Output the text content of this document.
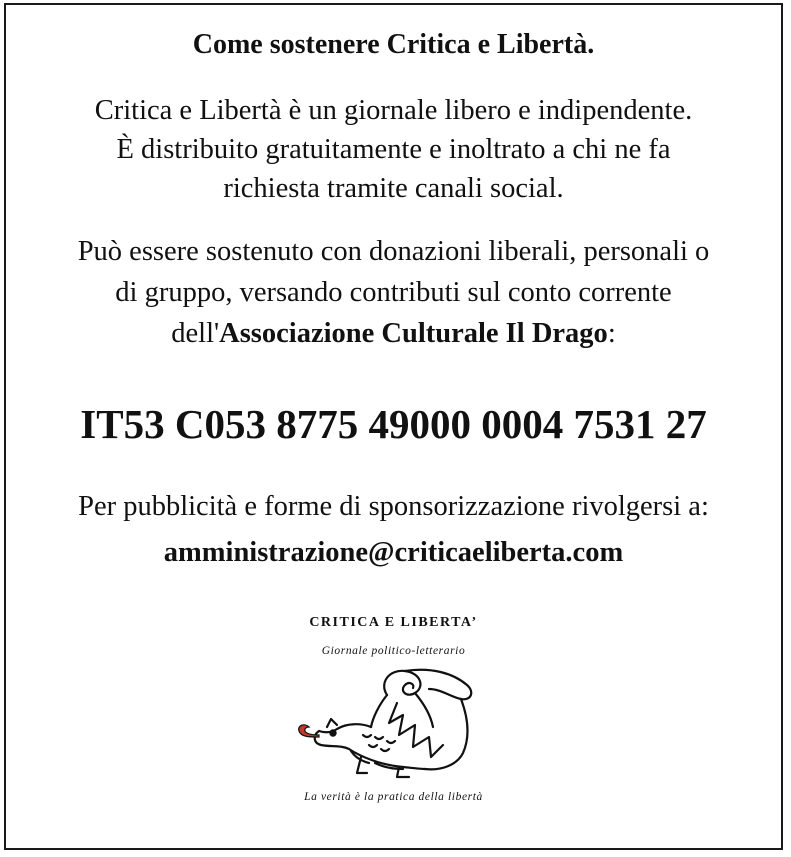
Come sostenere Critica e Libertà.
Critica e Libertà è un giornale libero e indipendente.
È distribuito gratuitamente e inoltrato a chi ne fa
richiesta tramite canali social.
Può essere sostenuto con donazioni liberali, personali o
di gruppo, versando contributi sul conto corrente
dell'Associazione Culturale Il Drago:
IT53 C053 8775 49000 0004 7531 27
Per pubblicità e forme di sponsorizzazione rivolgersi a:
amministrazione@criticaeliberta.com
CRITICA E LIBERTA’
Giornale politico-letterario
La verità è la pratica della libertà
